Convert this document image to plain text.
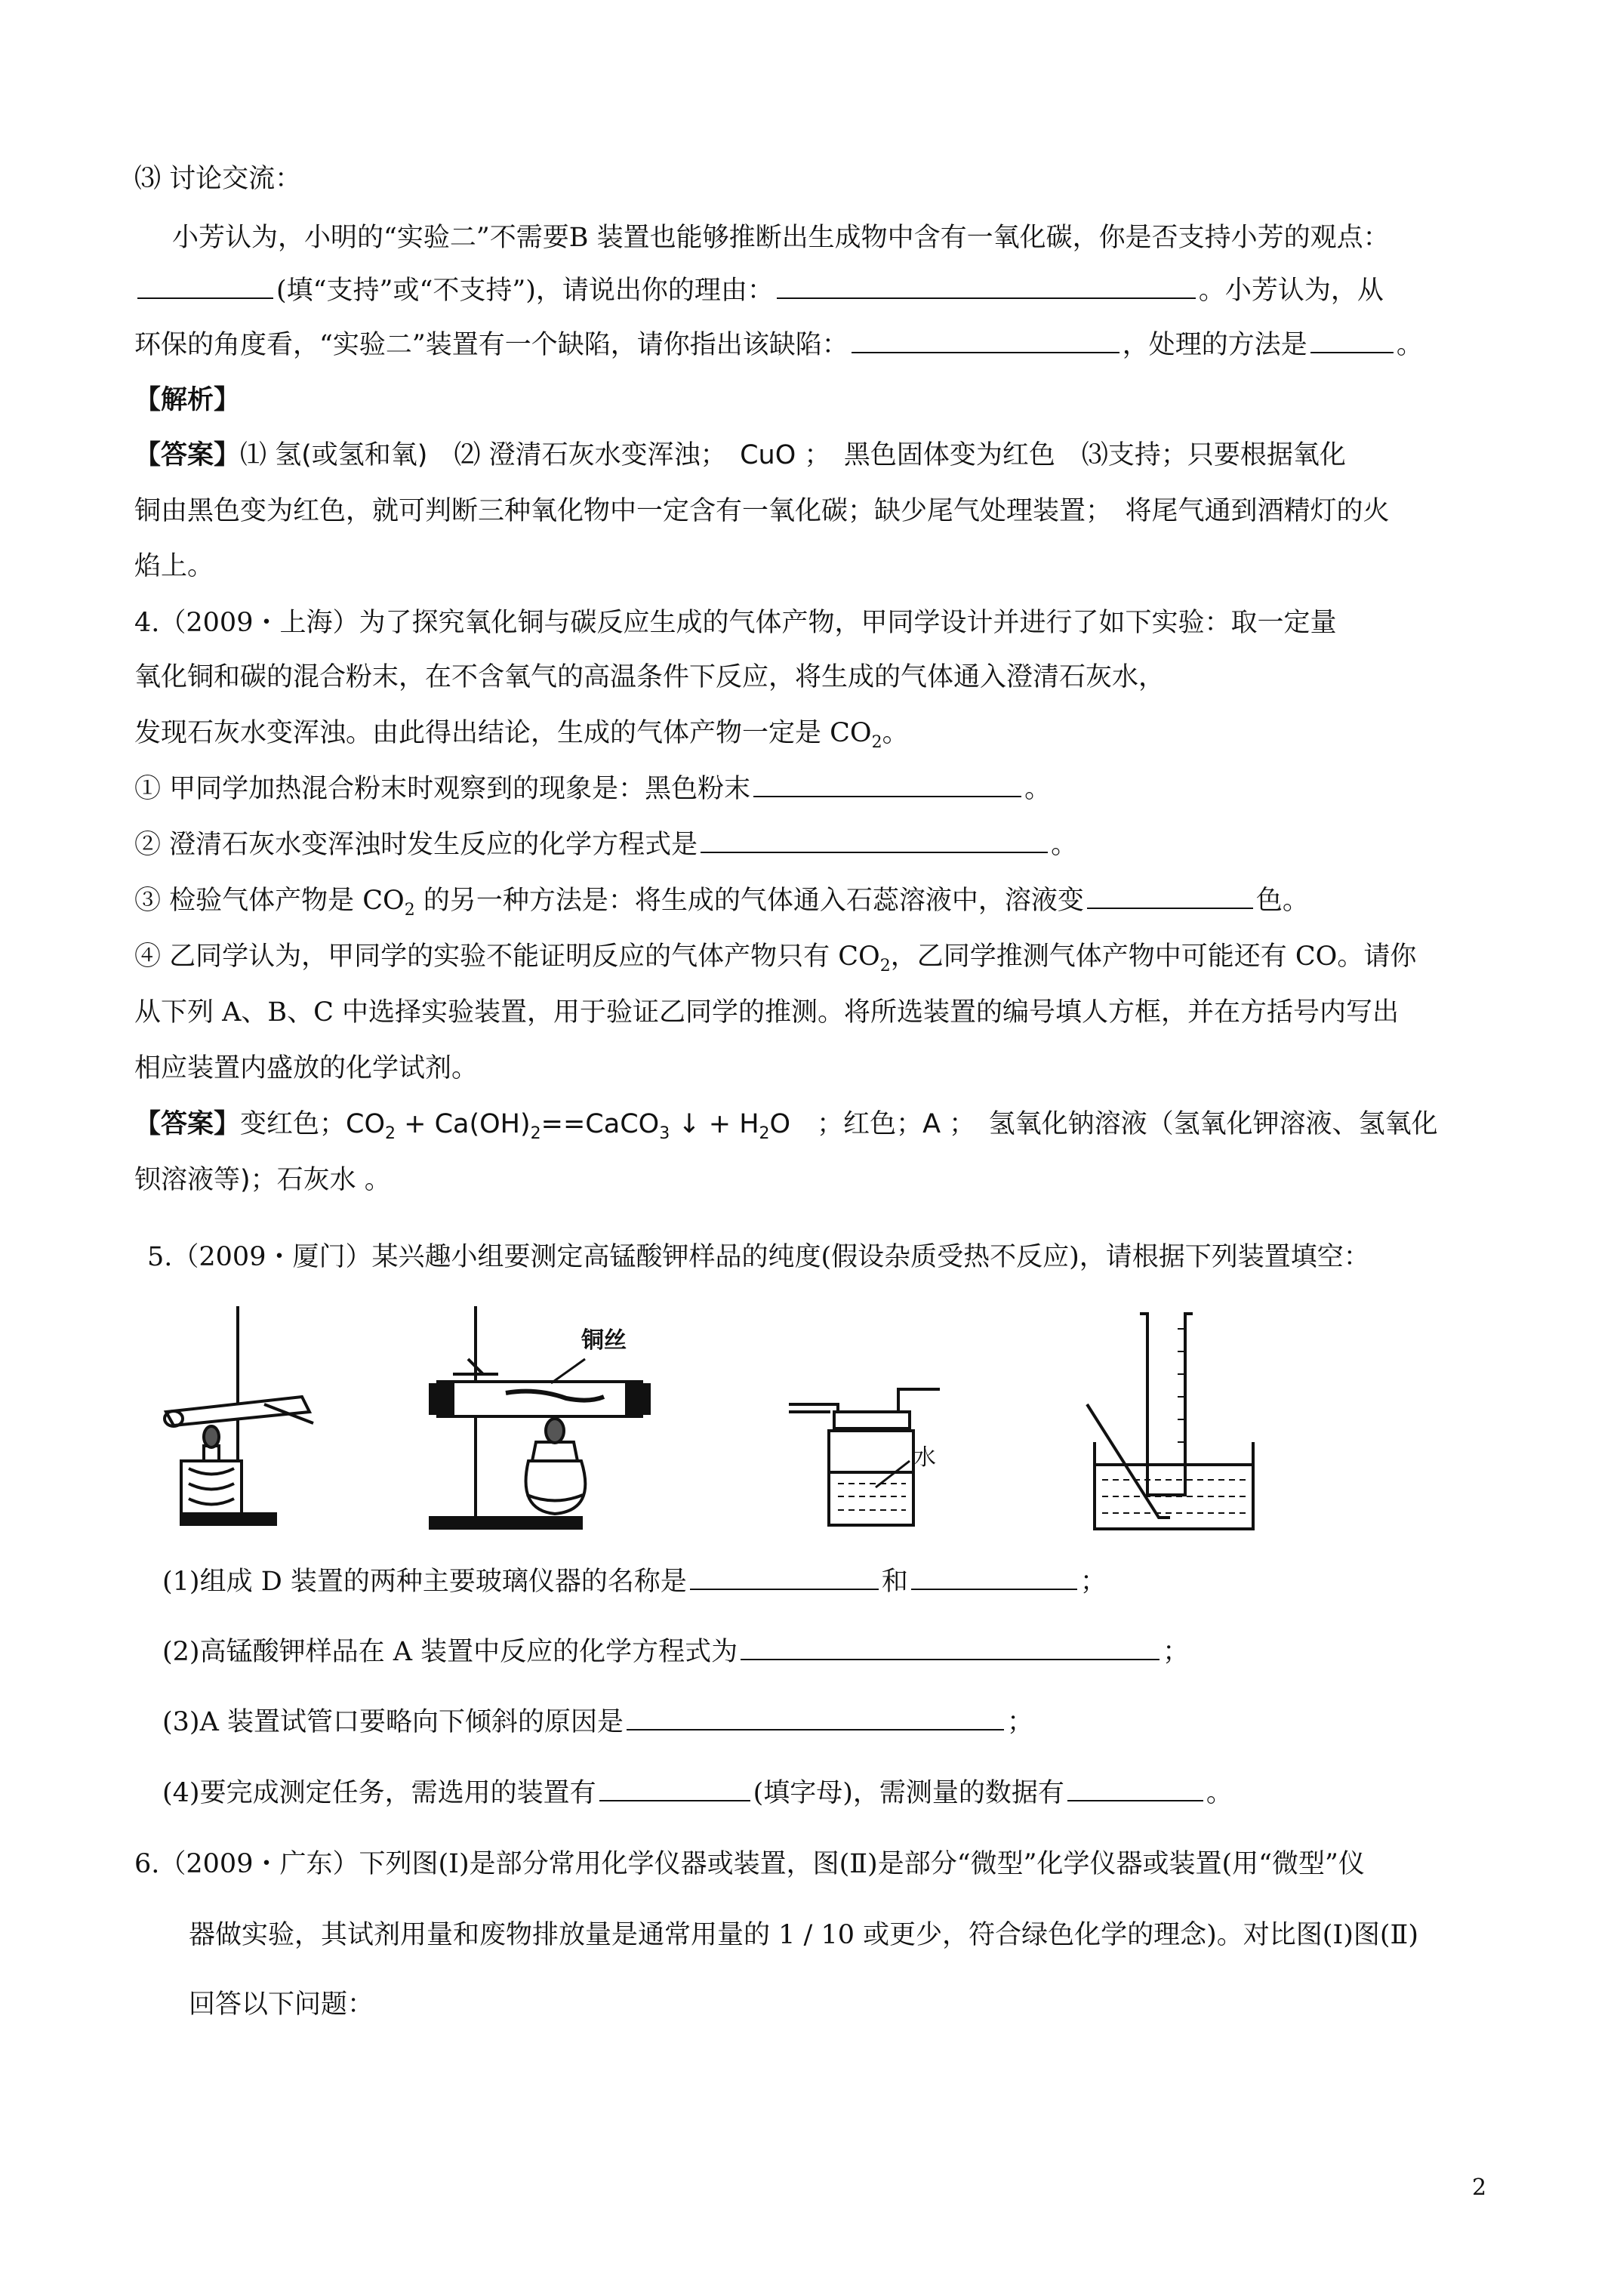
⑶ 讨论交流：
小芳认为，小明的“实验二”不需要B 装置也能够推断出生成物中含有一氧化碳，你是否支持小芳的观点：
(填“支持”或“不支持”)，请说出你的理由：	。小芳认为，从
环保的角度看，“实验二”装置有一个缺陷，请你指出该缺陷：	，处理的方法是	。
【解析】
【答案】⑴ 氢(或氢和氧)　⑵ 澄清石灰水变浑浊；　CuO ；　黑色固体变为红色　⑶支持；只要根据氧化
铜由黑色变为红色，就可判断三种氧化物中一定含有一氧化碳；缺少尾气处理装置；　将尾气通到酒精灯的火
焰上。
4.（2009・上海）为了探究氧化铜与碳反应生成的气体产物，甲同学设计并进行了如下实验：取一定量
氧化铜和碳的混合粉末，在不含氧气的高温条件下反应，将生成的气体通入澄清石灰水，
发现石灰水变浑浊。由此得出结论，生成的气体产物一定是 $CO_2$。
① 甲同学加热混合粉末时观察到的现象是：黑色粉末	。
② 澄清石灰水变浑浊时发生反应的化学方程式是	。
③ 检验气体产物是 $CO_2$ 的另一种方法是：将生成的气体通入石蕊溶液中，溶液变	色。
④ 乙同学认为，甲同学的实验不能证明反应的气体产物只有 $CO_2$，乙同学推测气体产物中可能还有 CO。请你
从下列 A、B、C 中选择实验装置，用于验证乙同学的推测。将所选装置的编号填人方框，并在方括号内写出
相应装置内盛放的化学试剂。
【答案】变红色；$CO_2$ + $Ca(OH)_2==CaCO_3$ ↓ + $H_2O$　；红色；A ；　氢氧化钠溶液（氢氧化钾溶液、氢氧化
钡溶液等)；石灰水 。
5.（2009・厦门）某兴趣小组要测定高锰酸钾样品的纯度(假设杂质受热不反应)，请根据下列装置填空：
铜丝
水
(1)组成 D 装置的两种主要玻璃仪器的名称是	和	；
(2)高锰酸钾样品在 A 装置中反应的化学方程式为	；
(3)A 装置试管口要略向下倾斜的原因是	；
(4)要完成测定任务，需选用的装置有	(填字母)，需测量的数据有	。
6.（2009・广东）下列图(Ⅰ)是部分常用化学仪器或装置，图(Ⅱ)是部分“微型”化学仪器或装置(用“微型”仪
器做实验，其试剂用量和废物排放量是通常用量的 1 / 10 或更少，符合绿色化学的理念)。对比图(I)图(Ⅱ)
回答以下问题：
2
